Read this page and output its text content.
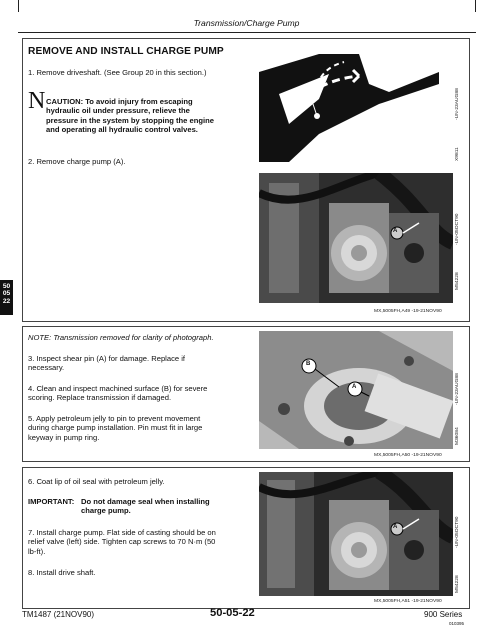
Transmission/Charge Pump
REMOVE AND INSTALL CHARGE PUMP
1. Remove driveshaft. (See Group 20 in this section.)
N CAUTION: To avoid injury from escaping
hydraulic oil under pressure, relieve the
pressure in the system by stopping the engine
and operating all hydraulic control valves.
2. Remove charge pump (A).
X9811
-UN-23AUG88
A
M54228
-UN-05OCT90
MX,5005FH,A49 -19-21NOV90
50
05
22
NOTE: Transmission removed for clarity of photograph.
3. Inspect shear pin (A) for damage. Replace if
necessary.
4. Clean and inspect machined surface (B) for severe
scoring. Replace transmission if damaged.
5. Apply petroleum jelly to pin to prevent movement
during charge pump installation. Pin must fit in large
keyway in pump ring.
B
A
M36084
-UN-23AUG88
MX,5005FH,A50 -19-21NOV90
6. Coat lip of oil seal with petroleum jelly.
IMPORTANT: Do not damage seal when installing
charge pump.
7. Install charge pump. Flat side of casting should be on
relief valve (left) side. Tighten cap screws to 70 N·m (50
lb-ft).
8. Install drive shaft.
A
M54228
-UN-05OCT90
MX,5005FH,A51 -19-21NOV90
TM1487 (21NOV90)	50-05-22	900 Series
010395
